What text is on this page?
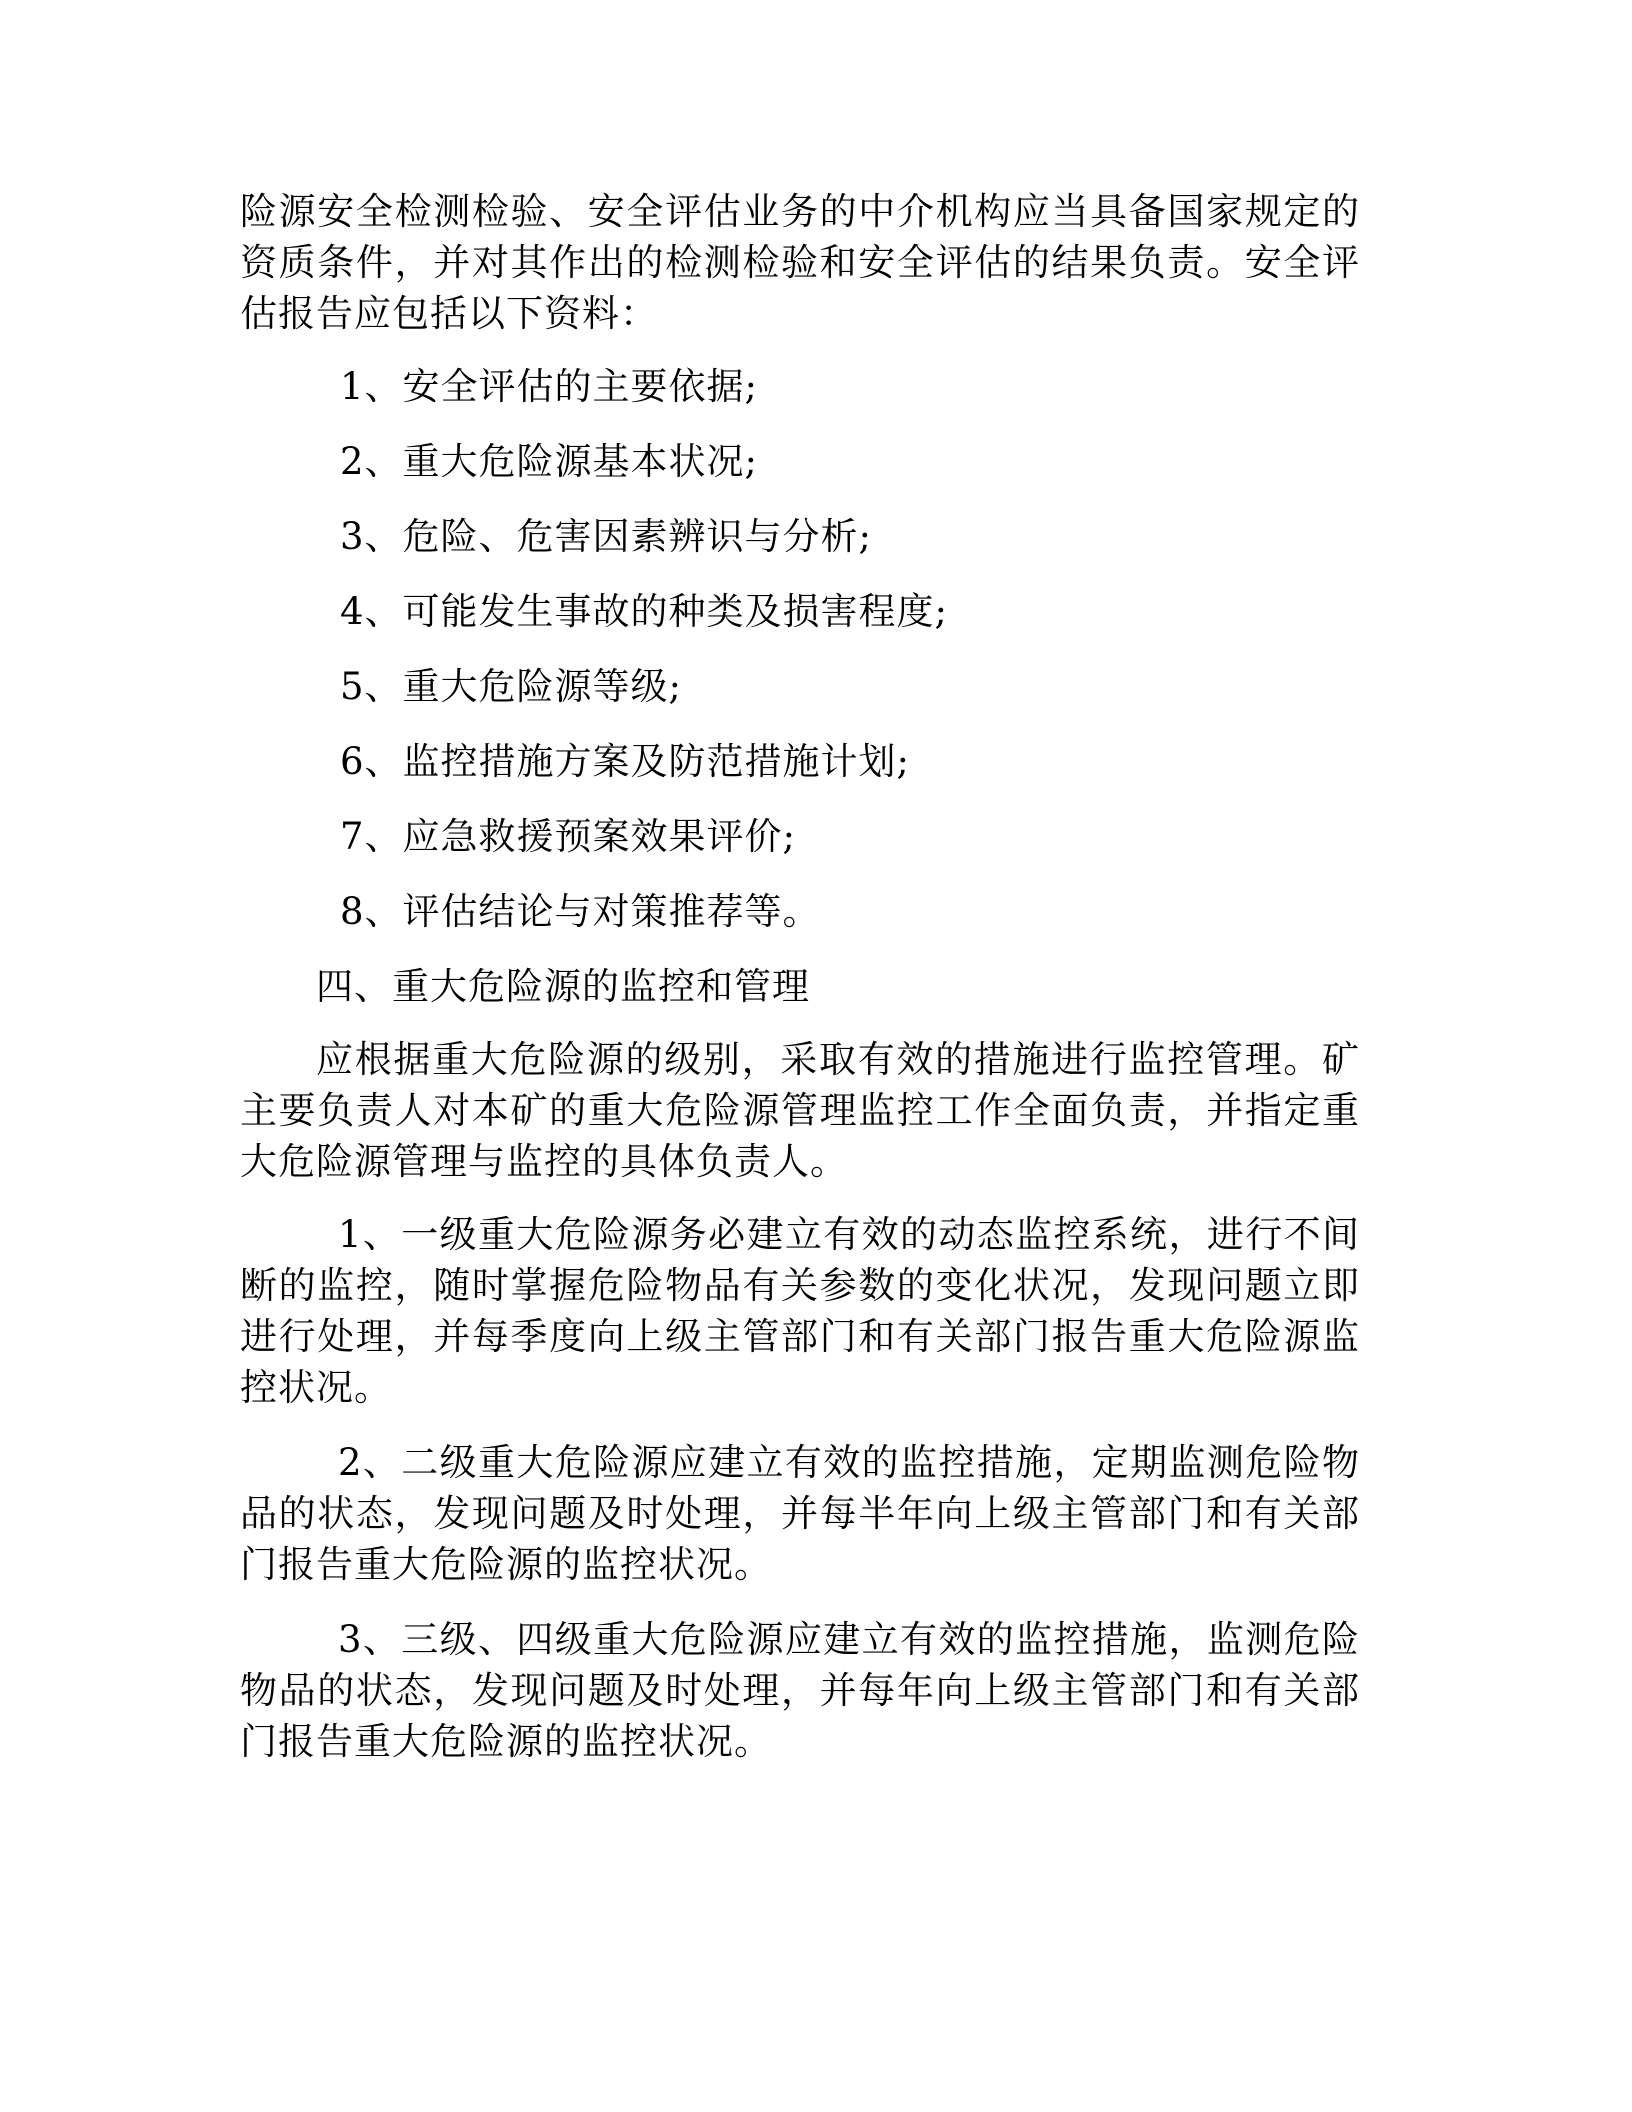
险源安全检测检验、安全评估业务的中介机构应当具备国家规定的资质条件，并对其作出的检测检验和安全评估的结果负责。安全评估报告应包括以下资料：

1、安全评估的主要依据;

2、重大危险源基本状况;

3、危险、危害因素辨识与分析;

4、可能发生事故的种类及损害程度;

5、重大危险源等级;

6、监控措施方案及防范措施计划;

7、应急救援预案效果评价;

8、评估结论与对策推荐等。

四、重大危险源的监控和管理

应根据重大危险源的级别，采取有效的措施进行监控管理。矿主要负责人对本矿的重大危险源管理监控工作全面负责，并指定重大危险源管理与监控的具体负责人。

1、一级重大危险源务必建立有效的动态监控系统，进行不间断的监控，随时掌握危险物品有关参数的变化状况，发现问题立即进行处理，并每季度向上级主管部门和有关部门报告重大危险源监控状况。

2、二级重大危险源应建立有效的监控措施，定期监测危险物品的状态，发现问题及时处理，并每半年向上级主管部门和有关部门报告重大危险源的监控状况。

3、三级、四级重大危险源应建立有效的监控措施，监测危险物品的状态，发现问题及时处理，并每年向上级主管部门和有关部门报告重大危险源的监控状况。
